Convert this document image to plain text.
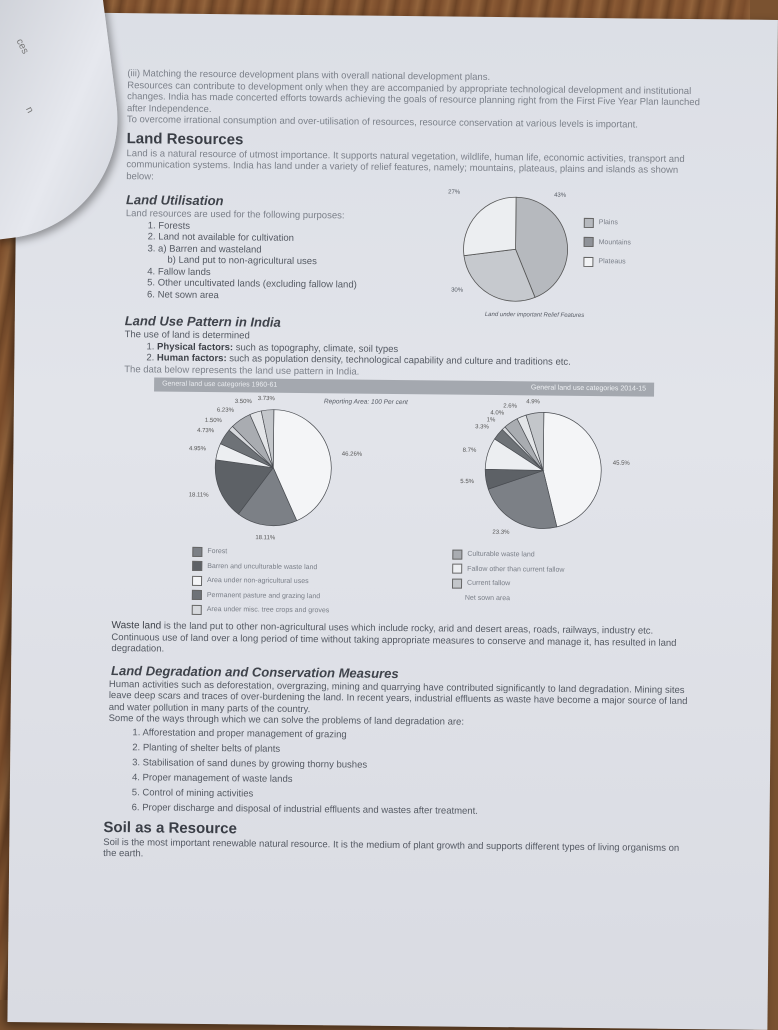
(iii) Matching the resource development plans with overall national development plans.

Resources can contribute to development only when they are accompanied by appropriate technological development and institutional changes. India has made concerted efforts towards achieving the goals of resource planning right from the First Five Year Plan launched after Independence.

To overcome irrational consumption and over-utilisation of resources, resource conservation at various levels is important.

Land Resources

Land is a natural resource of utmost importance. It supports natural vegetation, wildlife, human life, economic activities, transport and communication systems. India has land under a variety of relief features, namely; mountains, plateaus, plains and islands as shown below:

Land Utilisation

Land resources are used for the following purposes:

1. Forests
2. Land not available for cultivation
3. a) Barren and wasteland
b) Land put to non-agricultural uses
4. Fallow lands
5. Other uncultivated lands (excluding fallow land)
6. Net sown area
27%
43%
30%
Land under important Relief Features
Plains
Mountains
Plateaus
Land Use Pattern in India

The use of land is determined

1. Physical factors: such as topography, climate, soil types
2. Human factors: such as population density, technological capability and culture and traditions etc.

The data below represents the land use pattern in India.

General land use categories 1960-61	General land use categories 2014-15
Reporting Area: 100 Per cent
46.26%
18.11%
18.11%
4.95%
4.73%
1.50%
6.23%
3.50% 3.73%
45.5%
23.3%
5.5%
8.7%
3.3%
1%
4.0%
2.6%
4.9%
Forest
Barren and unculturable waste land
Area under non-agricultural uses
Permanent pasture and grazing land
Area under misc. tree crops and groves
Culturable waste land
Fallow other than current fallow
Current fallow
Net sown area

Waste land is the land put to other non-agricultural uses which include rocky, arid and desert areas, roads, railways, industry etc. Continuous use of land over a long period of time without taking appropriate measures to conserve and manage it, has resulted in land degradation.

Land Degradation and Conservation Measures

Human activities such as deforestation, overgrazing, mining and quarrying have contributed significantly to land degradation. Mining sites leave deep scars and traces of over-burdening the land. In recent years, industrial effluents as waste have become a major source of land and water pollution in many parts of the country.

Some of the ways through which we can solve the problems of land degradation are:

1. Afforestation and proper management of grazing
2. Planting of shelter belts of plants
3. Stabilisation of sand dunes by growing thorny bushes
4. Proper management of waste lands
5. Control of mining activities
6. Proper discharge and disposal of industrial effluents and wastes after treatment.
Soil as a Resource

Soil is the most important renewable natural resource. It is the medium of plant growth and supports different types of living organisms on the earth.

ces
n
